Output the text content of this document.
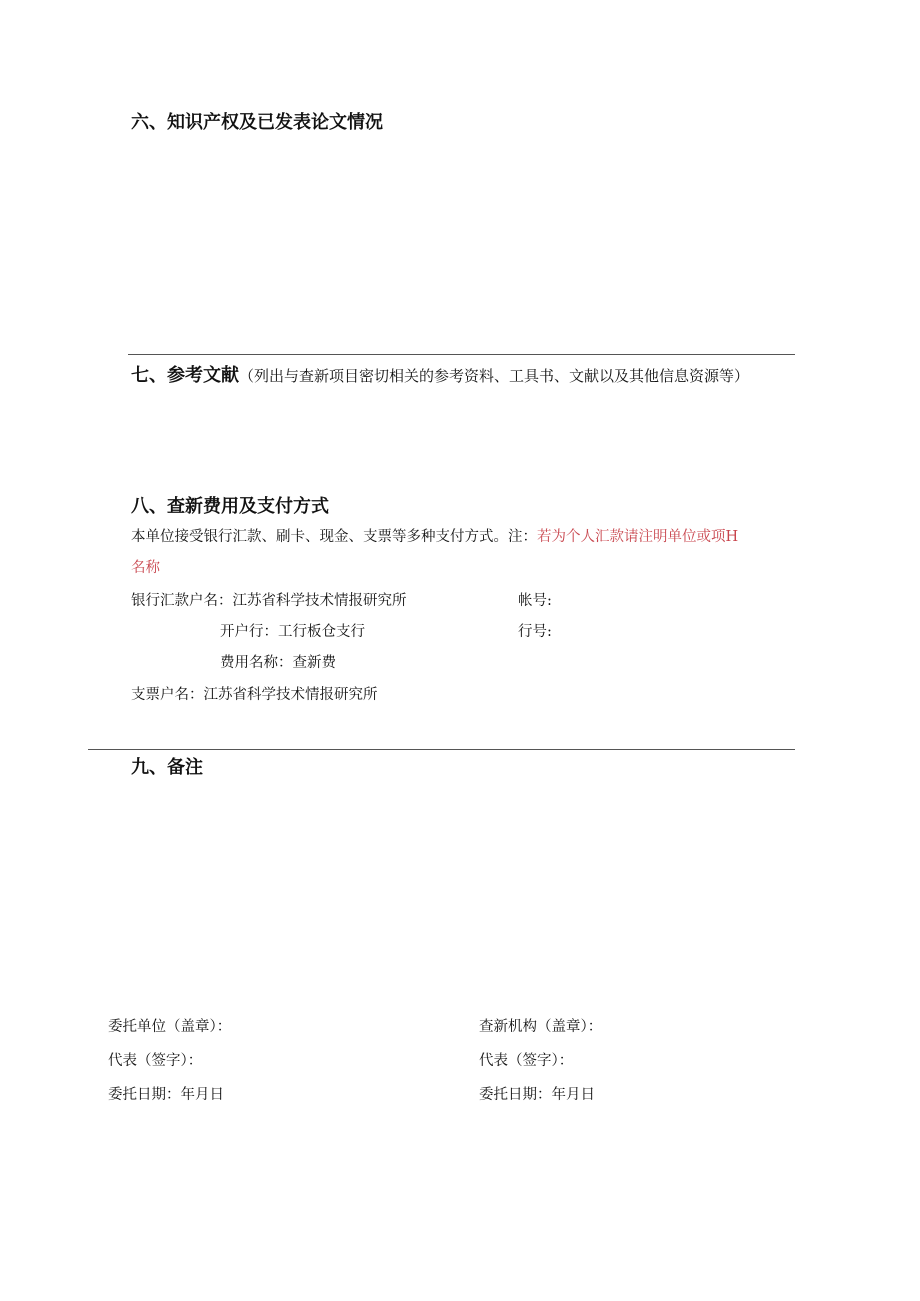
六、知识产权及已发表论文情况
七、参考文献（列出与查新项目密切相关的参考资料、工具书、文献以及其他信息资源等）
八、查新费用及支付方式
本单位接受银行汇款、刷卡、现金、支票等多种支付方式。注：若为个人汇款请注明单位或项H
名称
银行汇款户名：江苏省科学技术情报研究所	帐号:
开户行：工行板仓支行	行号:
费用名称：查新费
支票户名：江苏省科学技术情报研究所
九、备注
委托单位（盖章）：
代表（签字）：
委托日期：年月日
查新机构（盖章）：
代表（签字）：
委托日期：年月日
